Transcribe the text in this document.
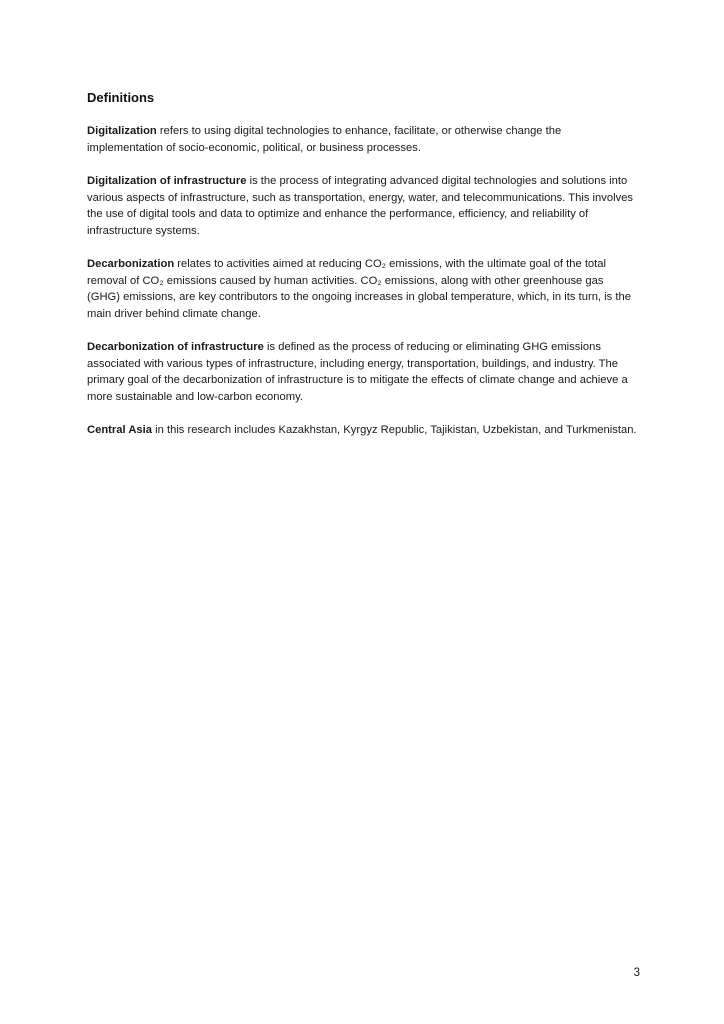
Definitions

Digitalization refers to using digital technologies to enhance, facilitate, or otherwise change the implementation of socio-economic, political, or business processes.

Digitalization of infrastructure is the process of integrating advanced digital technologies and solutions into various aspects of infrastructure, such as transportation, energy, water, and telecommunications. This involves the use of digital tools and data to optimize and enhance the performance, efficiency, and reliability of infrastructure systems.

Decarbonization relates to activities aimed at reducing CO₂ emissions, with the ultimate goal of the total removal of CO₂ emissions caused by human activities. CO₂ emissions, along with other greenhouse gas (GHG) emissions, are key contributors to the ongoing increases in global temperature, which, in its turn, is the main driver behind climate change.

Decarbonization of infrastructure is defined as the process of reducing or eliminating GHG emissions associated with various types of infrastructure, including energy, transportation, buildings, and industry. The primary goal of the decarbonization of infrastructure is to mitigate the effects of climate change and achieve a more sustainable and low-carbon economy.

Central Asia in this research includes Kazakhstan, Kyrgyz Republic, Tajikistan, Uzbekistan, and Turkmenistan.

3
